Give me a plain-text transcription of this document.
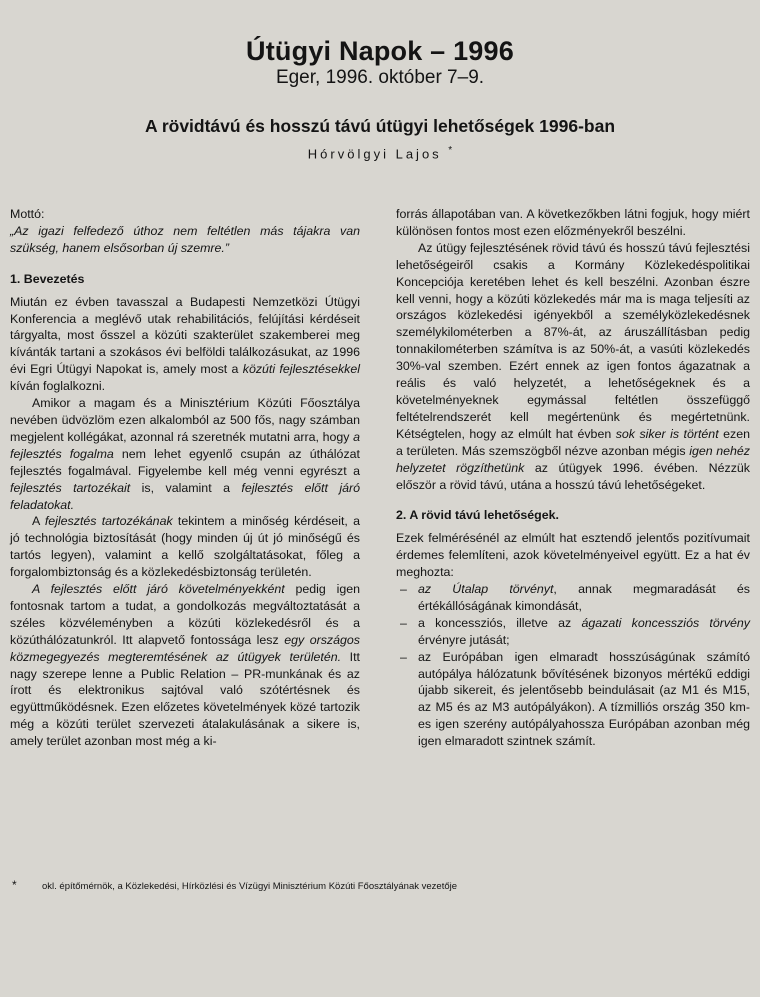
Útügyi Napok – 1996
Eger, 1996. október 7–9.
A rövidtávú és hosszú távú útügyi lehetőségek 1996-ban
Hórvölgyi Lajos *

Mottó:

„Az igazi felfedező úthoz nem feltétlen más tájakra van szükség, hanem elsősorban új szemre.”

1. Bevezetés

Miután ez évben tavasszal a Budapesti Nemzetközi Útügyi Konferencia a meglévő utak rehabilitációs, felújítási kérdéseit tárgyalta, most ősszel a közúti szakterület szakemberei meg kívánták tartani a szokásos évi belföldi találkozásukat, az 1996 évi Egri Útügyi Napokat is, amely most a közúti fejlesztésekkel kíván foglalkozni.

Amikor a magam és a Minisztérium Közúti Főosztálya nevében üdvözlöm ezen alkalomból az 500 fős, nagy számban megjelent kollégákat, azonnal rá szeretnék mutatni arra, hogy a fejlesztés fogalma nem lehet egyenlő csupán az úthálózat fejlesztés fogalmával. Figyelembe kell még venni egyrészt a fejlesztés tartozékait is, valamint a fejlesztés előtt járó feladatokat.

A fejlesztés tartozékának tekintem a minőség kérdéseit, a jó technológia biztosítását (hogy minden új út jó minőségű és tartós legyen), valamint a kellő szolgáltatásokat, főleg a forgalombiztonság és a közlekedésbiztonság területén.

A fejlesztés előtt járó követelményekként pedig igen fontosnak tartom a tudat, a gondolkozás megváltoztatását a széles közvéleményben a közúti közlekedésről és a közúthálózatunkról. Itt alapvető fontossága lesz egy országos közmegegyezés megteremtésének az útügyek területén. Itt nagy szerepe lenne a Public Relation – PR-munkának és az írott és elektronikus sajtóval való szótértésnek és együttműködésnek. Ezen előzetes követelmények közé tartozik még a közúti terület szervezeti átalakulásának a sikere is, amely terület azonban most még a ki-

forrás állapotában van. A következőkben látni fogjuk, hogy miért különösen fontos most ezen előzményekről beszélni.

Az útügy fejlesztésének rövid távú és hosszú távú fejlesztési lehetőségeiről csakis a Kormány Közlekedéspolitikai Koncepciója keretében lehet és kell beszélni. Azonban észre kell venni, hogy a közúti közlekedés már ma is maga teljesíti az országos közlekedési igényekből a személyközlekedésnek személykilométerben a 87%-át, az áruszállításban pedig tonnakilométerben számítva is az 50%-át, a vasúti közlekedés 30%-val szemben. Ezért ennek az igen fontos ágazatnak a reális és való helyzetét, a lehetőségeknek és a követelményeknek egymással feltétlen összefüggő feltételrendszerét kell megértenünk és megértetnünk. Kétségtelen, hogy az elmúlt hat évben sok siker is történt ezen a területen. Más szemszögből nézve azonban mégis igen nehéz helyzetet rögzíthetünk az útügyek 1996. évében. Nézzük először a rövid távú, utána a hosszú távú lehetőségeket.

2. A rövid távú lehetőségek.

Ezek felmérésénél az elmúlt hat esztendő jelentős pozitívumait érdemes felemlíteni, azok követelményeivel együtt. Ez a hat év meghozta:

– az Útalap törvényt, annak megmaradását és értékállóságának kimondását,
– a koncessziós, illetve az ágazati koncessziós törvény érvényre jutását;
– az Európában igen elmaradt hosszúságúnak számító autópálya hálózatunk bővítésének bizonyos mértékű eddigi újabb sikereit, és jelentősebb beindulásait (az M1 és M15, az M5 és az M3 autópályákon). A tízmilliós ország 350 km-es igen szerény autópályahossza Európában azonban még igen elmaradott szintnek számít.
*	okl. építőmérnök, a Közlekedési, Hírközlési és Vízügyi Minisztérium Közúti Főosztályának vezetője
